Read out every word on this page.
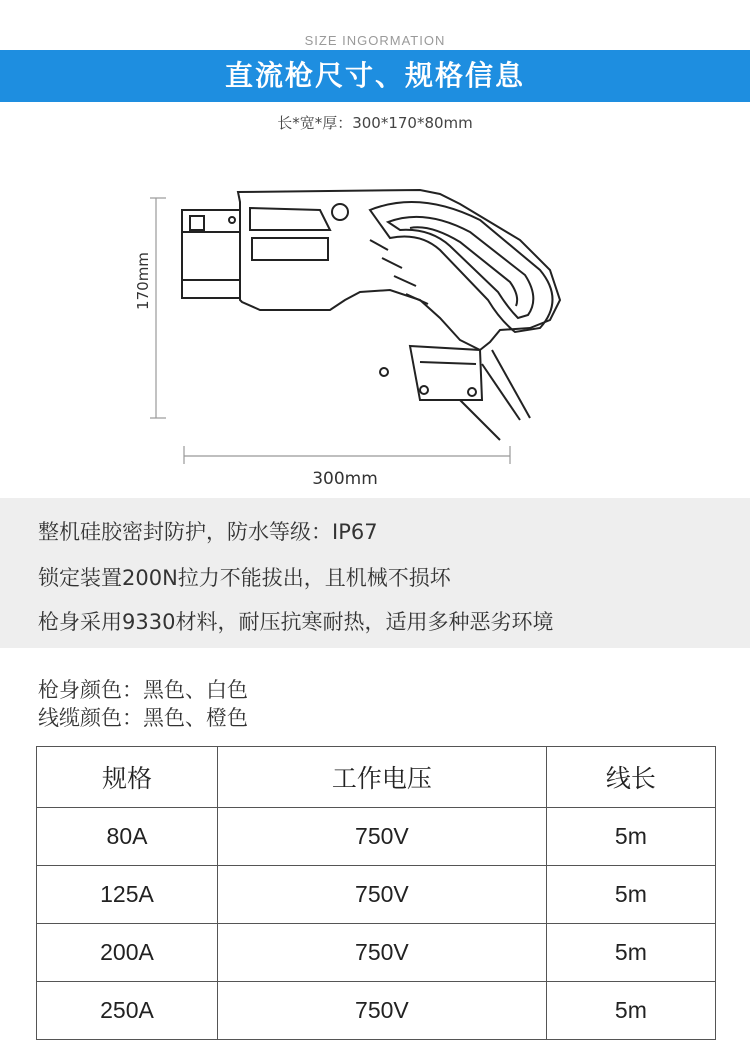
SIZE INGORMATION
直流枪尺寸、规格信息
长*宽*厚：300*170*80mm
300mm
170mm
整机硅胶密封防护，防水等级：IP67
锁定装置200N拉力不能拔出，且机械不损坏
枪身采用9330材料，耐压抗寒耐热，适用多种恶劣环境
枪身颜色：黑色、白色
线缆颜色：黑色、橙色
规格	工作电压	线长
80A	750V	5m
125A	750V	5m
200A	750V	5m
250A	750V	5m
